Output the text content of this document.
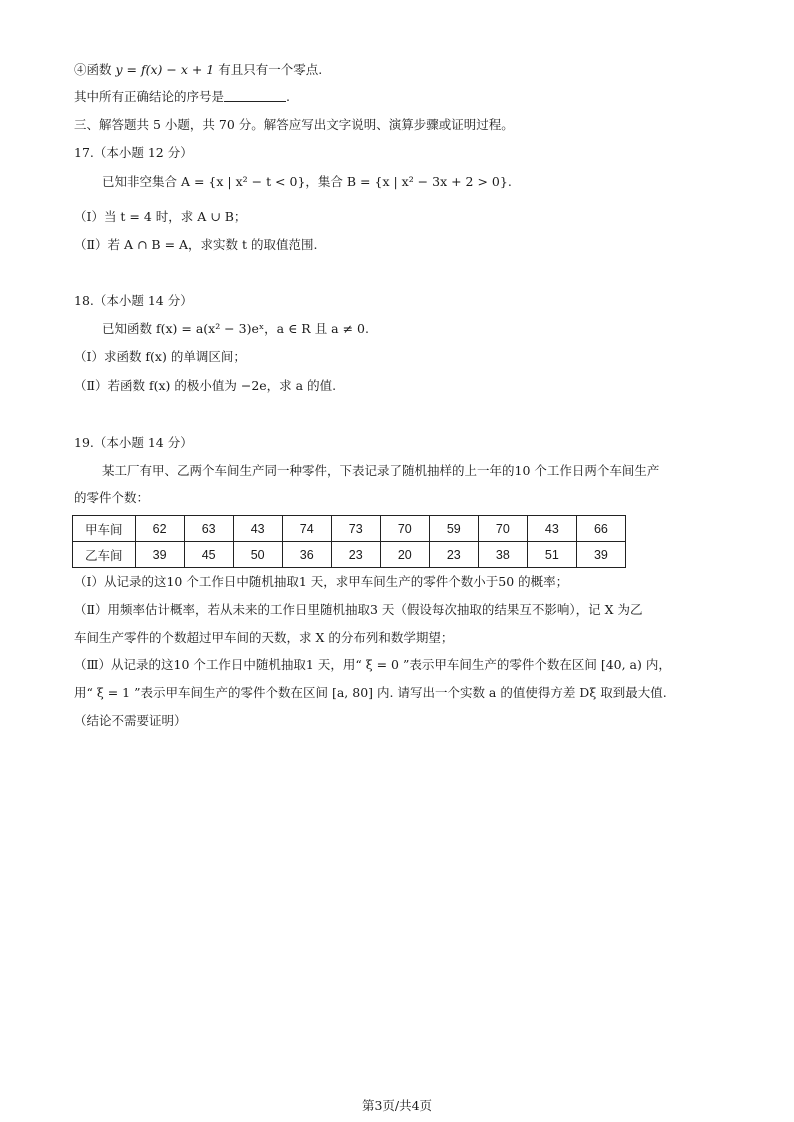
④函数 y = f(x) − x + 1 有且只有一个零点.
其中所有正确结论的序号是	.
三、解答题共 5 小题，共 70 分。解答应写出文字说明、演算步骤或证明过程。
17.（本小题 12 分）
已知非空集合 A = {x | x² − t < 0}，集合 B = {x | x² − 3x + 2 > 0}.
（Ⅰ）当 t = 4 时，求 A ∪ B；
（Ⅱ）若 A ∩ B = A，求实数 t 的取值范围.
18.（本小题 14 分）
已知函数 f(x) = a(x² − 3)eˣ，a ∈ R 且 a ≠ 0.
（Ⅰ）求函数 f(x) 的单调区间；
（Ⅱ）若函数 f(x) 的极小值为 −2e，求 a 的值.
19.（本小题 14 分）
某工厂有甲、乙两个车间生产同一种零件，下表记录了随机抽样的上一年的10 个工作日两个车间生产
的零件个数：
甲车间	62	63	43	74	73	70	59	70	43	66
乙车间	39	45	50	36	23	20	23	38	51	39
（Ⅰ）从记录的这10 个工作日中随机抽取1 天，求甲车间生产的零件个数小于50 的概率；
（Ⅱ）用频率估计概率，若从未来的工作日里随机抽取3 天（假设每次抽取的结果互不影响），记 X 为乙
车间生产零件的个数超过甲车间的天数，求 X 的分布列和数学期望；
（Ⅲ）从记录的这10 个工作日中随机抽取1 天，用“ ξ = 0 ”表示甲车间生产的零件个数在区间 [40, a) 内，
用“ ξ = 1 ”表示甲车间生产的零件个数在区间 [a, 80] 内. 请写出一个实数 a 的值使得方差 Dξ 取到最大值.
（结论不需要证明）
第3页/共4页
